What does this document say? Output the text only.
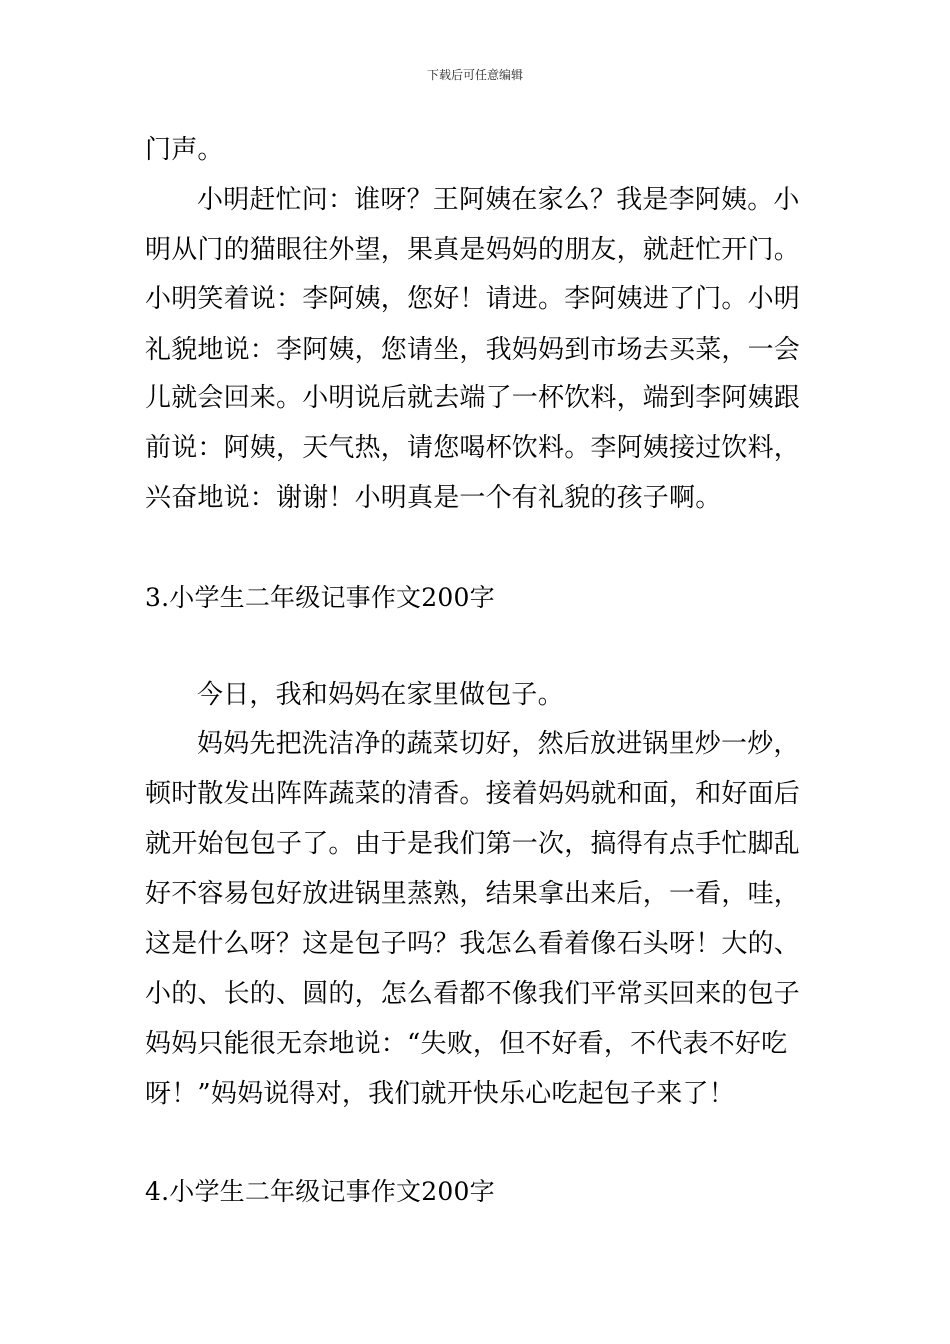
下载后可任意编辑
门声。
小明赶忙问：谁呀？王阿姨在家么？我是李阿姨。小
明从门的猫眼往外望，果真是妈妈的朋友，就赶忙开门。
小明笑着说：李阿姨，您好！请进。李阿姨进了门。小明
礼貌地说：李阿姨，您请坐，我妈妈到市场去买菜，一会
儿就会回来。小明说后就去端了一杯饮料，端到李阿姨跟
前说：阿姨，天气热，请您喝杯饮料。李阿姨接过饮料，
兴奋地说：谢谢！小明真是一个有礼貌的孩子啊。
3.小学生二年级记事作文200字
今日，我和妈妈在家里做包子。
妈妈先把洗洁净的蔬菜切好，然后放进锅里炒一炒，
顿时散发出阵阵蔬菜的清香。接着妈妈就和面，和好面后
就开始包包子了。由于是我们第一次，搞得有点手忙脚乱
好不容易包好放进锅里蒸熟，结果拿出来后，一看，哇，
这是什么呀？这是包子吗？我怎么看着像石头呀！大的、
小的、长的、圆的，怎么看都不像我们平常买回来的包子
妈妈只能很无奈地说：“失败，但不好看，不代表不好吃
呀！”妈妈说得对，我们就开快乐心吃起包子来了！
4.小学生二年级记事作文200字
